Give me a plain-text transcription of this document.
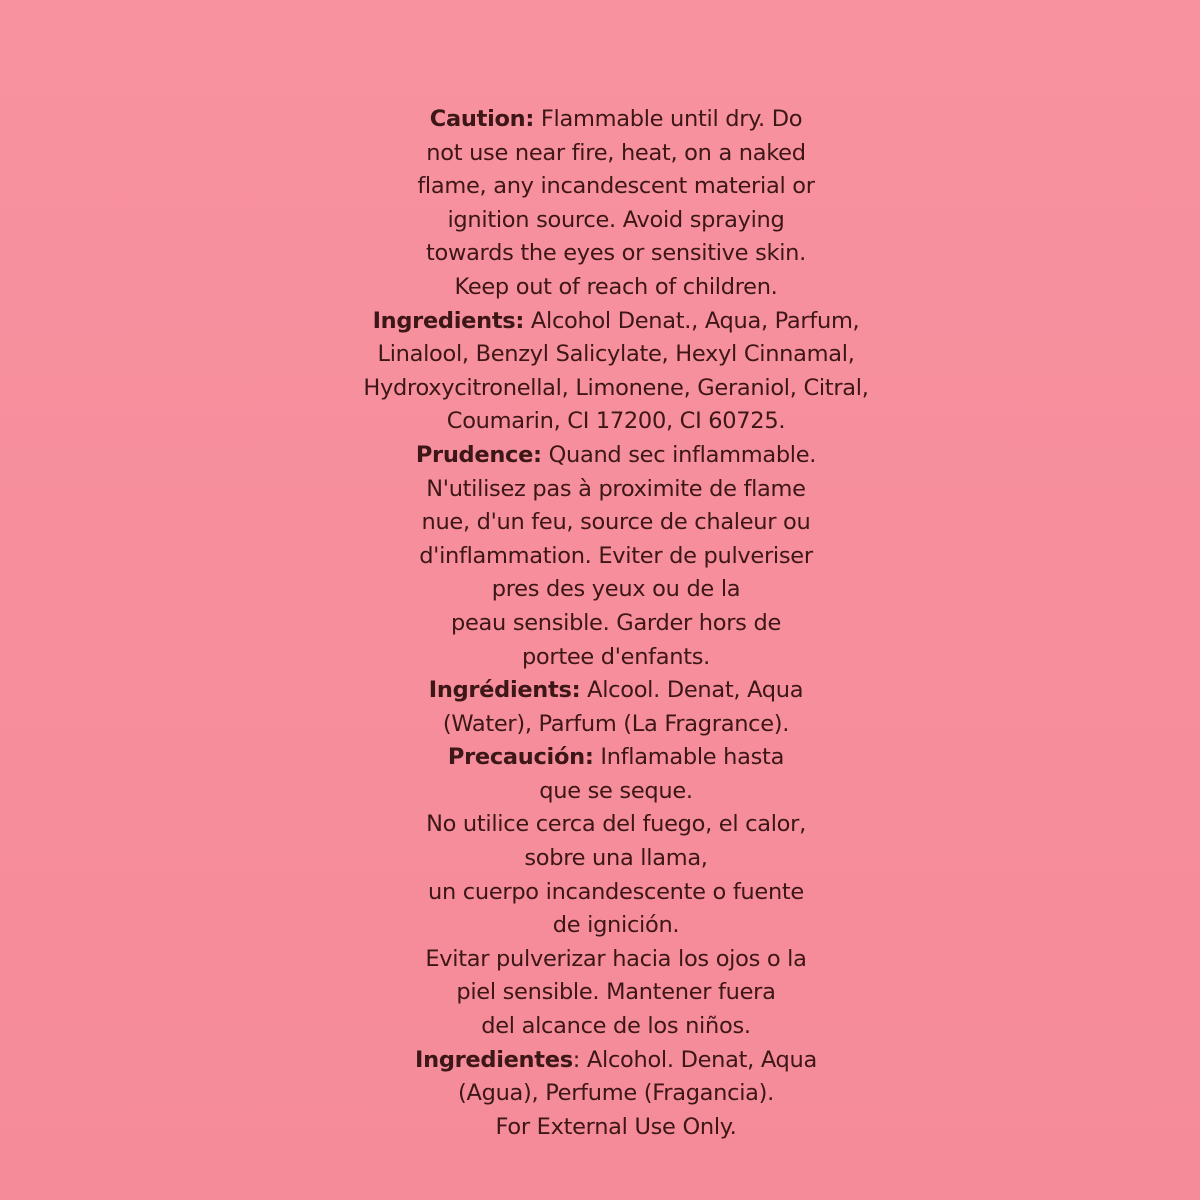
Caution: Flammable until dry. Do
not use near fire, heat, on a naked
flame, any incandescent material or
ignition source. Avoid spraying
towards the eyes or sensitive skin.
Keep out of reach of children.
Ingredients: Alcohol Denat., Aqua, Parfum,
Linalool, Benzyl Salicylate, Hexyl Cinnamal,
Hydroxycitronellal, Limonene, Geraniol, Citral,
Coumarin, CI 17200, CI 60725.
Prudence: Quand sec inflammable.
N'utilisez pas à proximite de flame
nue, d'un feu, source de chaleur ou
d'inflammation. Eviter de pulveriser
pres des yeux ou de la
peau sensible. Garder hors de
portee d'enfants.
Ingrédients: Alcool. Denat, Aqua
(Water), Parfum (La Fragrance).
Precaución: Inflamable hasta
que se seque.
No utilice cerca del fuego, el calor,
sobre una llama,
un cuerpo incandescente o fuente
de ignición.
Evitar pulverizar hacia los ojos o la
piel sensible. Mantener fuera
del alcance de los niños.
Ingredientes: Alcohol. Denat, Aqua
(Agua), Perfume (Fragancia).
For External Use Only.
